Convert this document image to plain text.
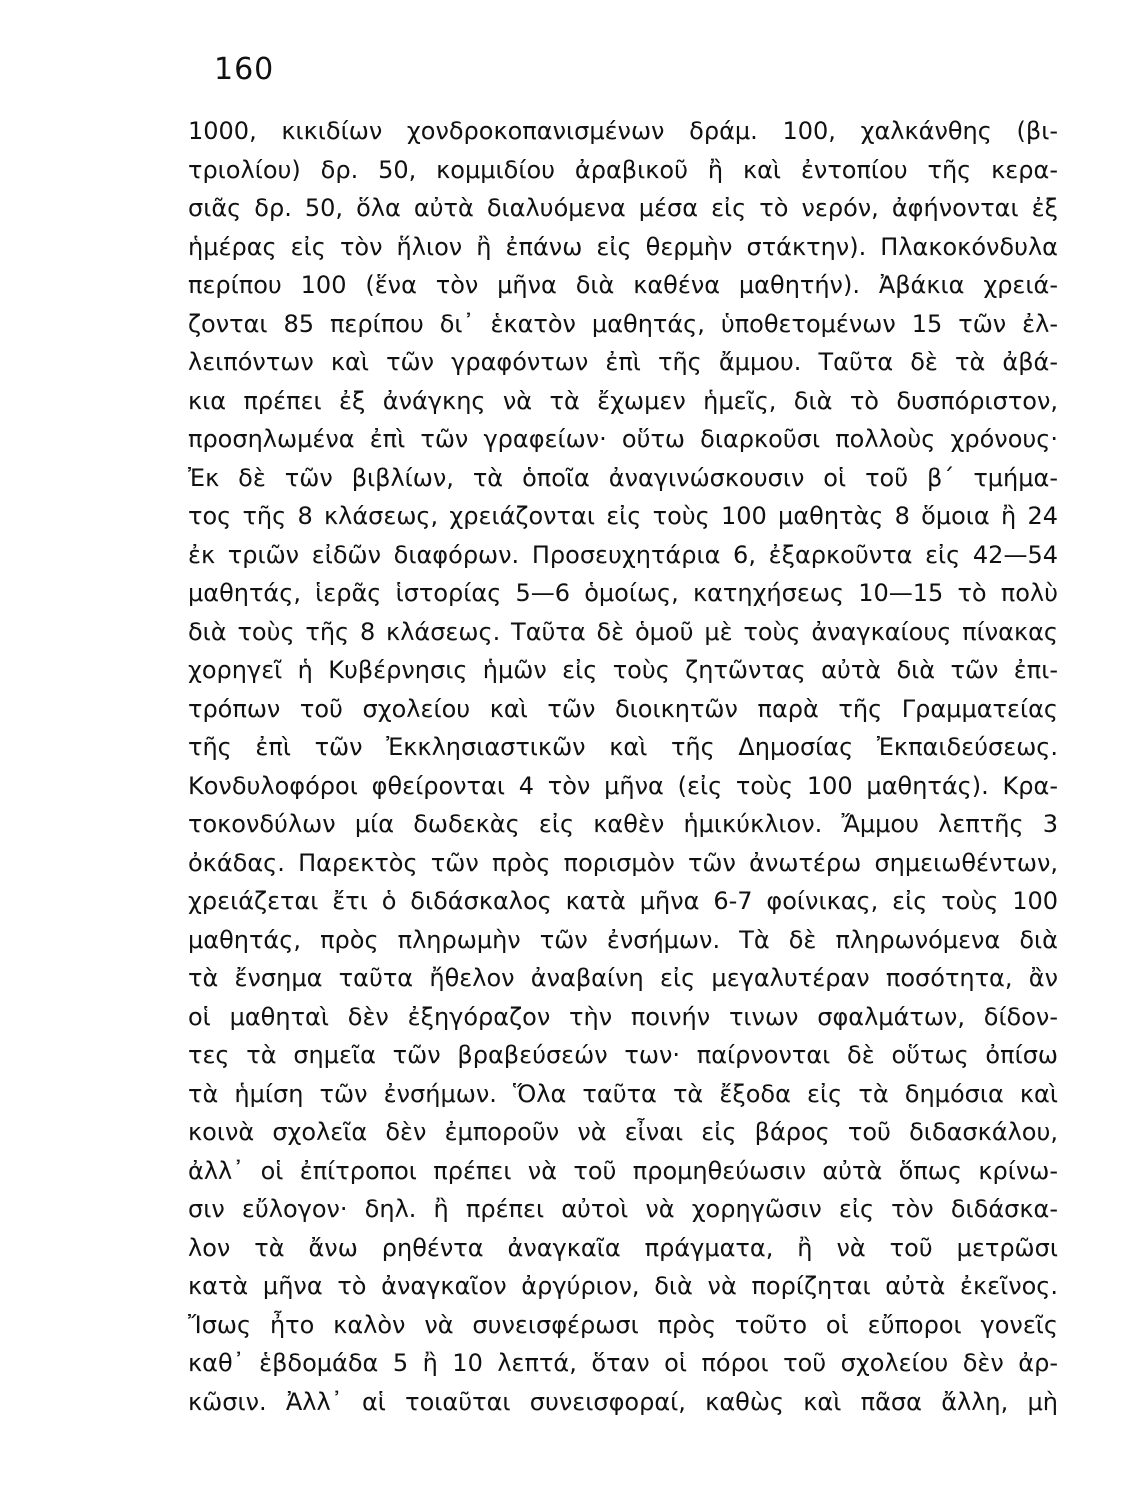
160
1000, κικιδίων χονδροκοπανισμένων δράμ. 100, χαλκάνθης (βι-
τριολίου) δρ. 50, κομμιδίου ἀραβικοῦ ἢ καὶ ἐντοπίου τῆς κερα-
σιᾶς δρ. 50, ὅλα αὐτὰ διαλυόμενα μέσα εἰς τὸ νερόν, ἀφήνονται ἐξ
ἡμέρας εἰς τὸν ἥλιον ἢ ἐπάνω εἰς θερμὴν στάκτην). Πλακοκόνδυλα
περίπου 100 (ἕνα τὸν μῆνα διὰ καθένα μαθητήν). Ἀβάκια χρειά-
ζονται 85 περίπου δι᾽ ἑκατὸν μαθητάς, ὑποθετομένων 15 τῶν ἐλ-
λειπόντων καὶ τῶν γραφόντων ἐπὶ τῆς ἄμμου. Ταῦτα δὲ τὰ ἀβά-
κια πρέπει ἐξ ἀνάγκης νὰ τὰ ἔχωμεν ἡμεῖς, διὰ τὸ δυσπόριστον,
προσηλωμένα ἐπὶ τῶν γραφείων· οὕτω διαρκοῦσι πολλοὺς χρόνους·
Ἐκ δὲ τῶν βιβλίων, τὰ ὁποῖα ἀναγινώσκουσιν οἱ τοῦ β΄ τμήμα-
τος τῆς 8 κλάσεως, χρειάζονται εἰς τοὺς 100 μαθητὰς 8 ὅμοια ἢ 24
ἐκ τριῶν εἰδῶν διαφόρων. Προσευχητάρια 6, ἐξαρκοῦντα εἰς 42—54
μαθητάς, ἱερᾶς ἱστορίας 5—6 ὁμοίως, κατηχήσεως 10—15 τὸ πολὺ
διὰ τοὺς τῆς 8 κλάσεως. Ταῦτα δὲ ὁμοῦ μὲ τοὺς ἀναγκαίους πίνακας
χορηγεῖ ἡ Κυβέρνησις ἡμῶν εἰς τοὺς ζητῶντας αὐτὰ διὰ τῶν ἐπι-
τρόπων τοῦ σχολείου καὶ τῶν διοικητῶν παρὰ τῆς Γραμματείας
τῆς ἐπὶ τῶν Ἐκκλησιαστικῶν καὶ τῆς Δημοσίας Ἐκπαιδεύσεως.
Κονδυλοφόροι φθείρονται 4 τὸν μῆνα (εἰς τοὺς 100 μαθητάς). Κρα-
τοκονδύλων μία δωδεκὰς εἰς καθὲν ἡμικύκλιον. Ἄμμου λεπτῆς 3
ὀκάδας. Παρεκτὸς τῶν πρὸς πορισμὸν τῶν ἀνωτέρω σημειωθέντων,
χρειάζεται ἔτι ὁ διδάσκαλος κατὰ μῆνα 6-7 φοίνικας, εἰς τοὺς 100
μαθητάς, πρὸς πληρωμὴν τῶν ἐνσήμων. Τὰ δὲ πληρωνόμενα διὰ
τὰ ἔνσημα ταῦτα ἤθελον ἀναβαίνη εἰς μεγαλυτέραν ποσότητα, ἂν
οἱ μαθηταὶ δὲν ἐξηγόραζον τὴν ποινήν τινων σφαλμάτων, δίδον-
τες τὰ σημεῖα τῶν βραβεύσεών των· παίρνονται δὲ οὕτως ὀπίσω
τὰ ἡμίση τῶν ἐνσήμων. Ὅλα ταῦτα τὰ ἔξοδα εἰς τὰ δημόσια καὶ
κοινὰ σχολεῖα δὲν ἐμποροῦν νὰ εἶναι εἰς βάρος τοῦ διδασκάλου,
ἀλλ᾽ οἱ ἐπίτροποι πρέπει νὰ τοῦ προμηθεύωσιν αὐτὰ ὅπως κρίνω-
σιν εὔλογον· δηλ. ἢ πρέπει αὐτοὶ νὰ χορηγῶσιν εἰς τὸν διδάσκα-
λον τὰ ἄνω ρηθέντα ἀναγκαῖα πράγματα, ἢ νὰ τοῦ μετρῶσι
κατὰ μῆνα τὸ ἀναγκαῖον ἀργύριον, διὰ νὰ πορίζηται αὐτὰ ἐκεῖνος.
Ἴσως ἦτο καλὸν νὰ συνεισφέρωσι πρὸς τοῦτο οἱ εὔποροι γονεῖς
καθ᾽ ἑβδομάδα 5 ἢ 10 λεπτά, ὅταν οἱ πόροι τοῦ σχολείου δὲν ἀρ-
κῶσιν. Ἀλλ᾽ αἱ τοιαῦται συνεισφοραί, καθὼς καὶ πᾶσα ἄλλη, μὴ
